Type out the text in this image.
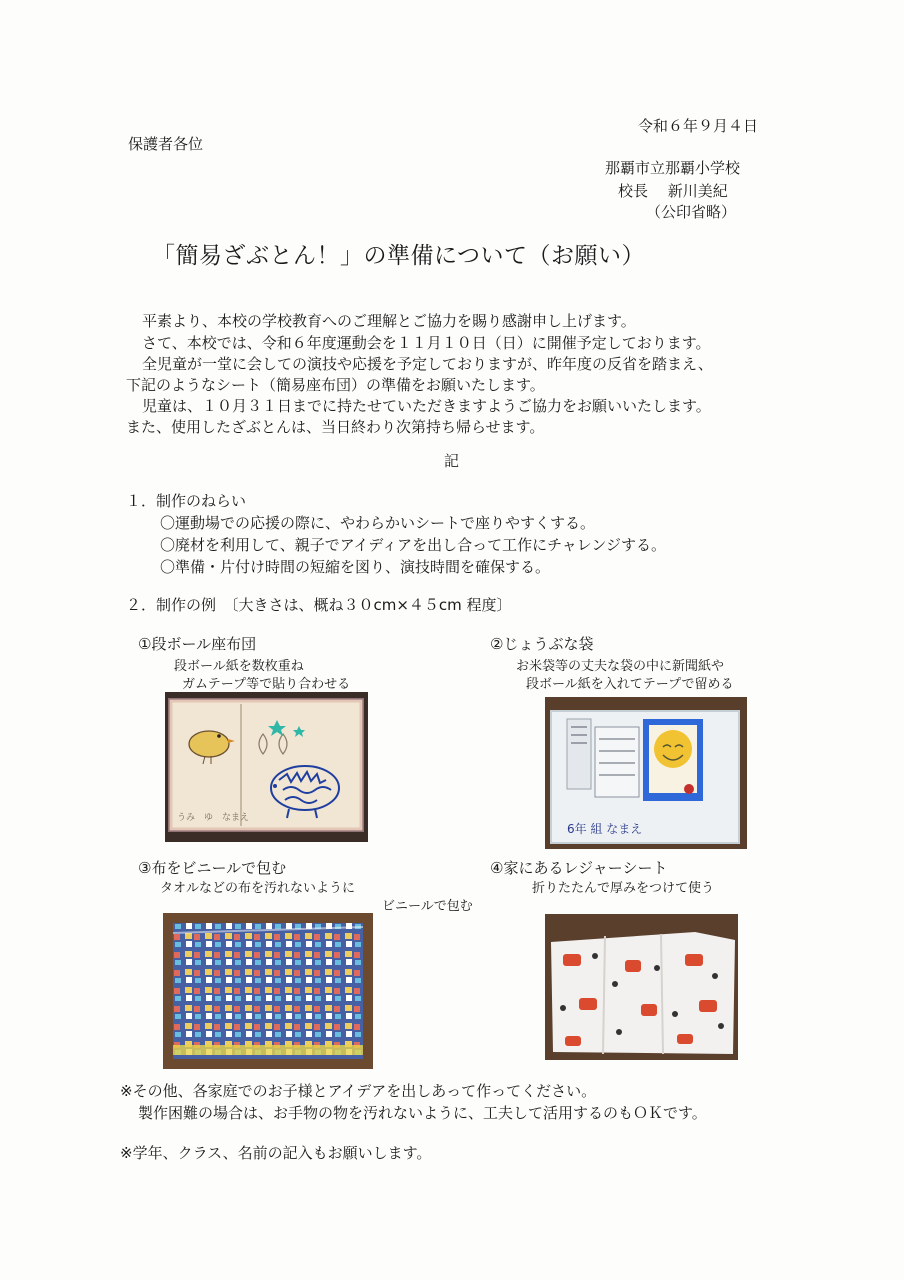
令和６年９月４日
保護者各位
那覇市立那覇小学校
校長　 新川美紀
（公印省略）
「簡易ざぶとん！」の準備について（お願い）
平素より、本校の学校教育へのご理解とご協力を賜り感謝申し上げます。
さて、本校では、令和６年度運動会を１１月１０日（日）に開催予定しております。
全児童が一堂に会しての演技や応援を予定しておりますが、昨年度の反省を踏まえ、
下記のようなシート（簡易座布団）の準備をお願いたします。
児童は、１０月３１日までに持たせていただきますようご協力をお願いいたします。
また、使用したざぶとんは、当日終わり次第持ち帰らせます。
記
１．制作のねらい
〇運動場での応援の際に、やわらかいシートで座りやすくする。
〇廃材を利用して、親子でアイディアを出し合って工作にチャレンジする。
〇準備・片付け時間の短縮を図り、演技時間を確保する。
２．制作の例　〔大きさは、概ね３０cm×４５cm 程度〕
①段ボール座布団
段ボール紙を数枚重ね
ガムテープ等で貼り合わせる
うみ　ゆ　なまえ
②じょうぶな袋
お米袋等の丈夫な袋の中に新聞紙や
段ボール紙を入れてテープで留める
6年 組 なまえ
③布をビニールで包む
タオルなどの布を汚れないように
ビニールで包む
④家にあるレジャーシート
折りたたんで厚みをつけて使う
※その他、各家庭でのお子様とアイデアを出しあって作ってください。
製作困難の場合は、お手物の物を汚れないように、工夫して活用するのもＯＫです。
※学年、クラス、名前の記入もお願いします。
